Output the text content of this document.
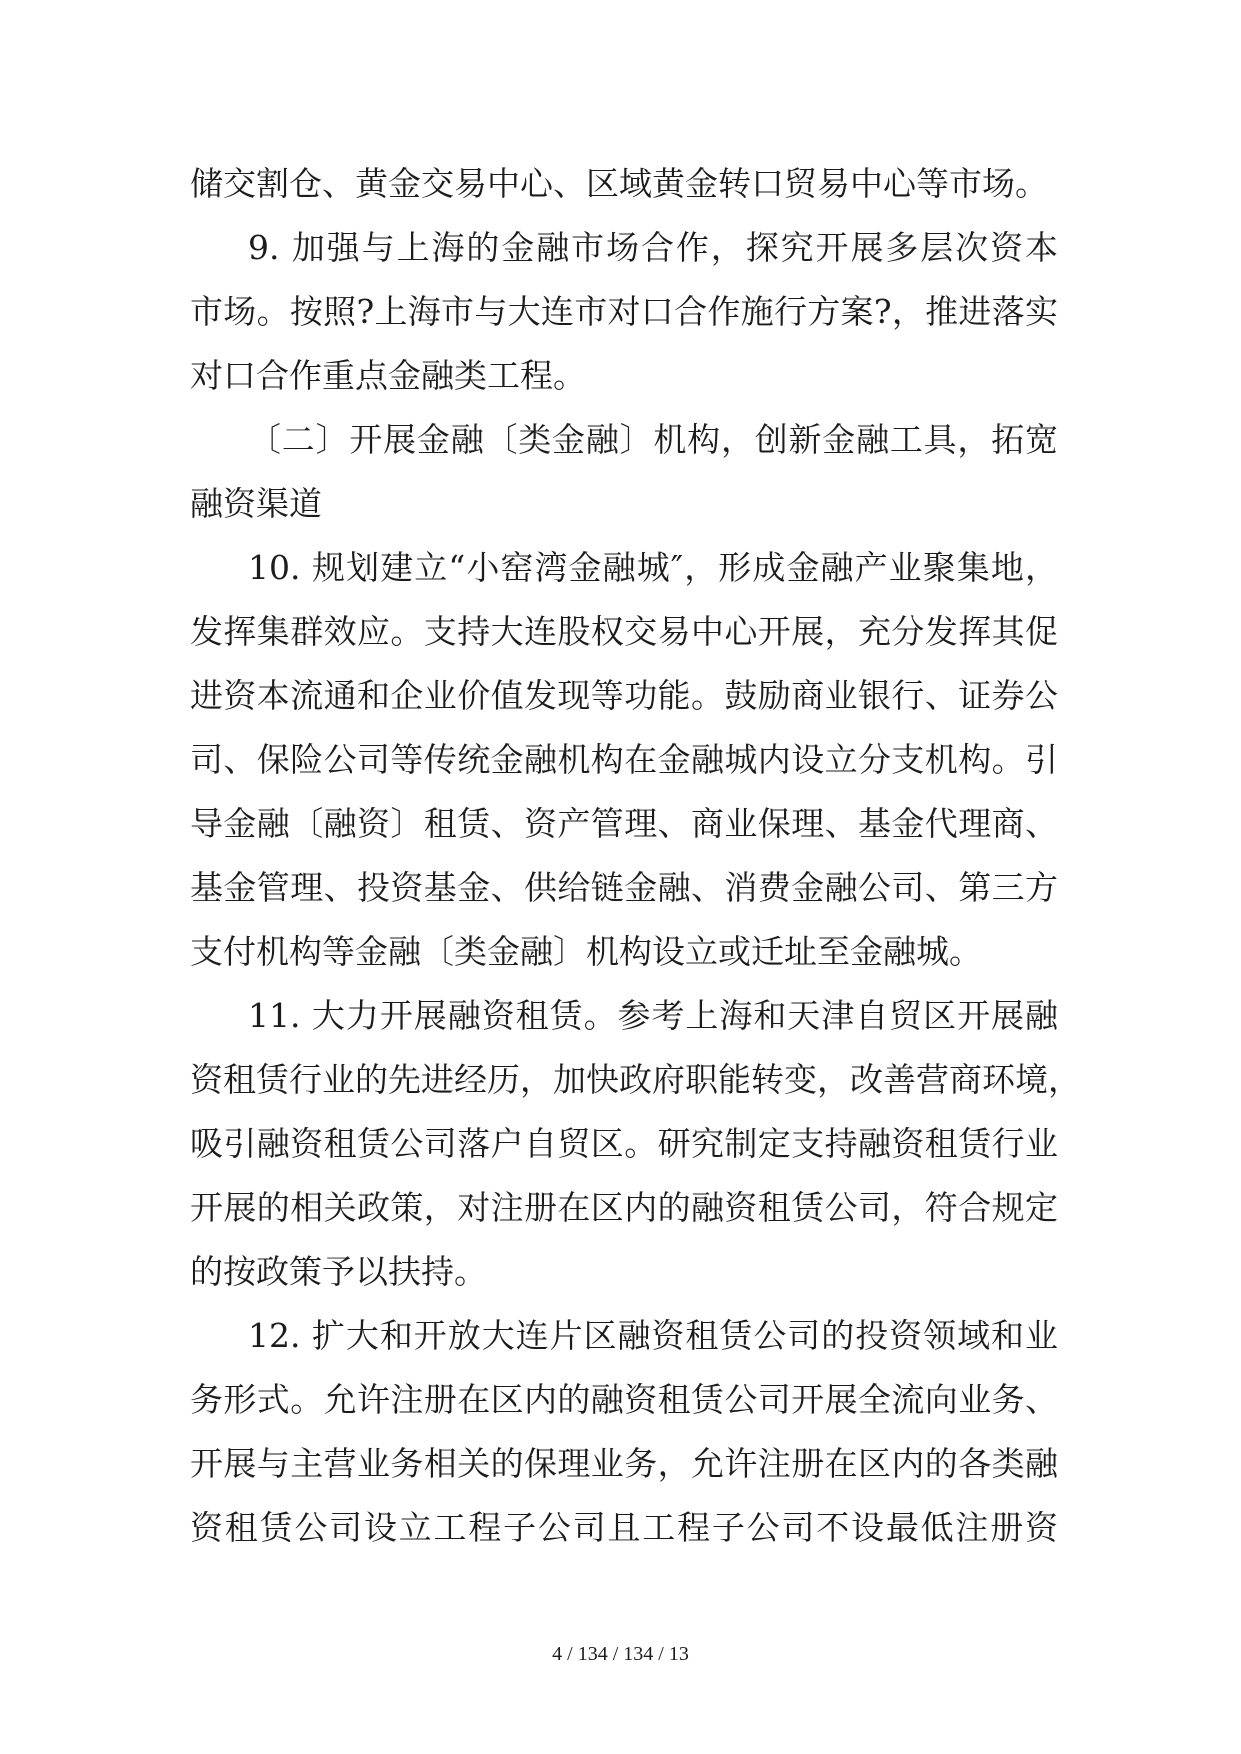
储交割仓、黄金交易中心、区域黄金转口贸易中心等市场。
9. 加强与上海的金融市场合作，探究开展多层次资本
市场。按照?上海市与大连市对口合作施行方案?，推进落实
对口合作重点金融类工程。
〔二〕开展金融〔类金融〕机构，创新金融工具，拓宽
融资渠道
10. 规划建立“小窑湾金融城″，形成金融产业聚集地，
发挥集群效应。支持大连股权交易中心开展，充分发挥其促
进资本流通和企业价值发现等功能。鼓励商业银行、证券公
司、保险公司等传统金融机构在金融城内设立分支机构。引
导金融〔融资〕租赁、资产管理、商业保理、基金代理商、
基金管理、投资基金、供给链金融、消费金融公司、第三方
支付机构等金融〔类金融〕机构设立或迁址至金融城。
11. 大力开展融资租赁。参考上海和天津自贸区开展融
资租赁行业的先进经历，加快政府职能转变，改善营商环境，
吸引融资租赁公司落户自贸区。研究制定支持融资租赁行业
开展的相关政策，对注册在区内的融资租赁公司，符合规定
的按政策予以扶持。
12. 扩大和开放大连片区融资租赁公司的投资领域和业
务形式。允许注册在区内的融资租赁公司开展全流向业务、
开展与主营业务相关的保理业务，允许注册在区内的各类融
资租赁公司设立工程子公司且工程子公司不设最低注册资
4 / 134 / 134 / 13
